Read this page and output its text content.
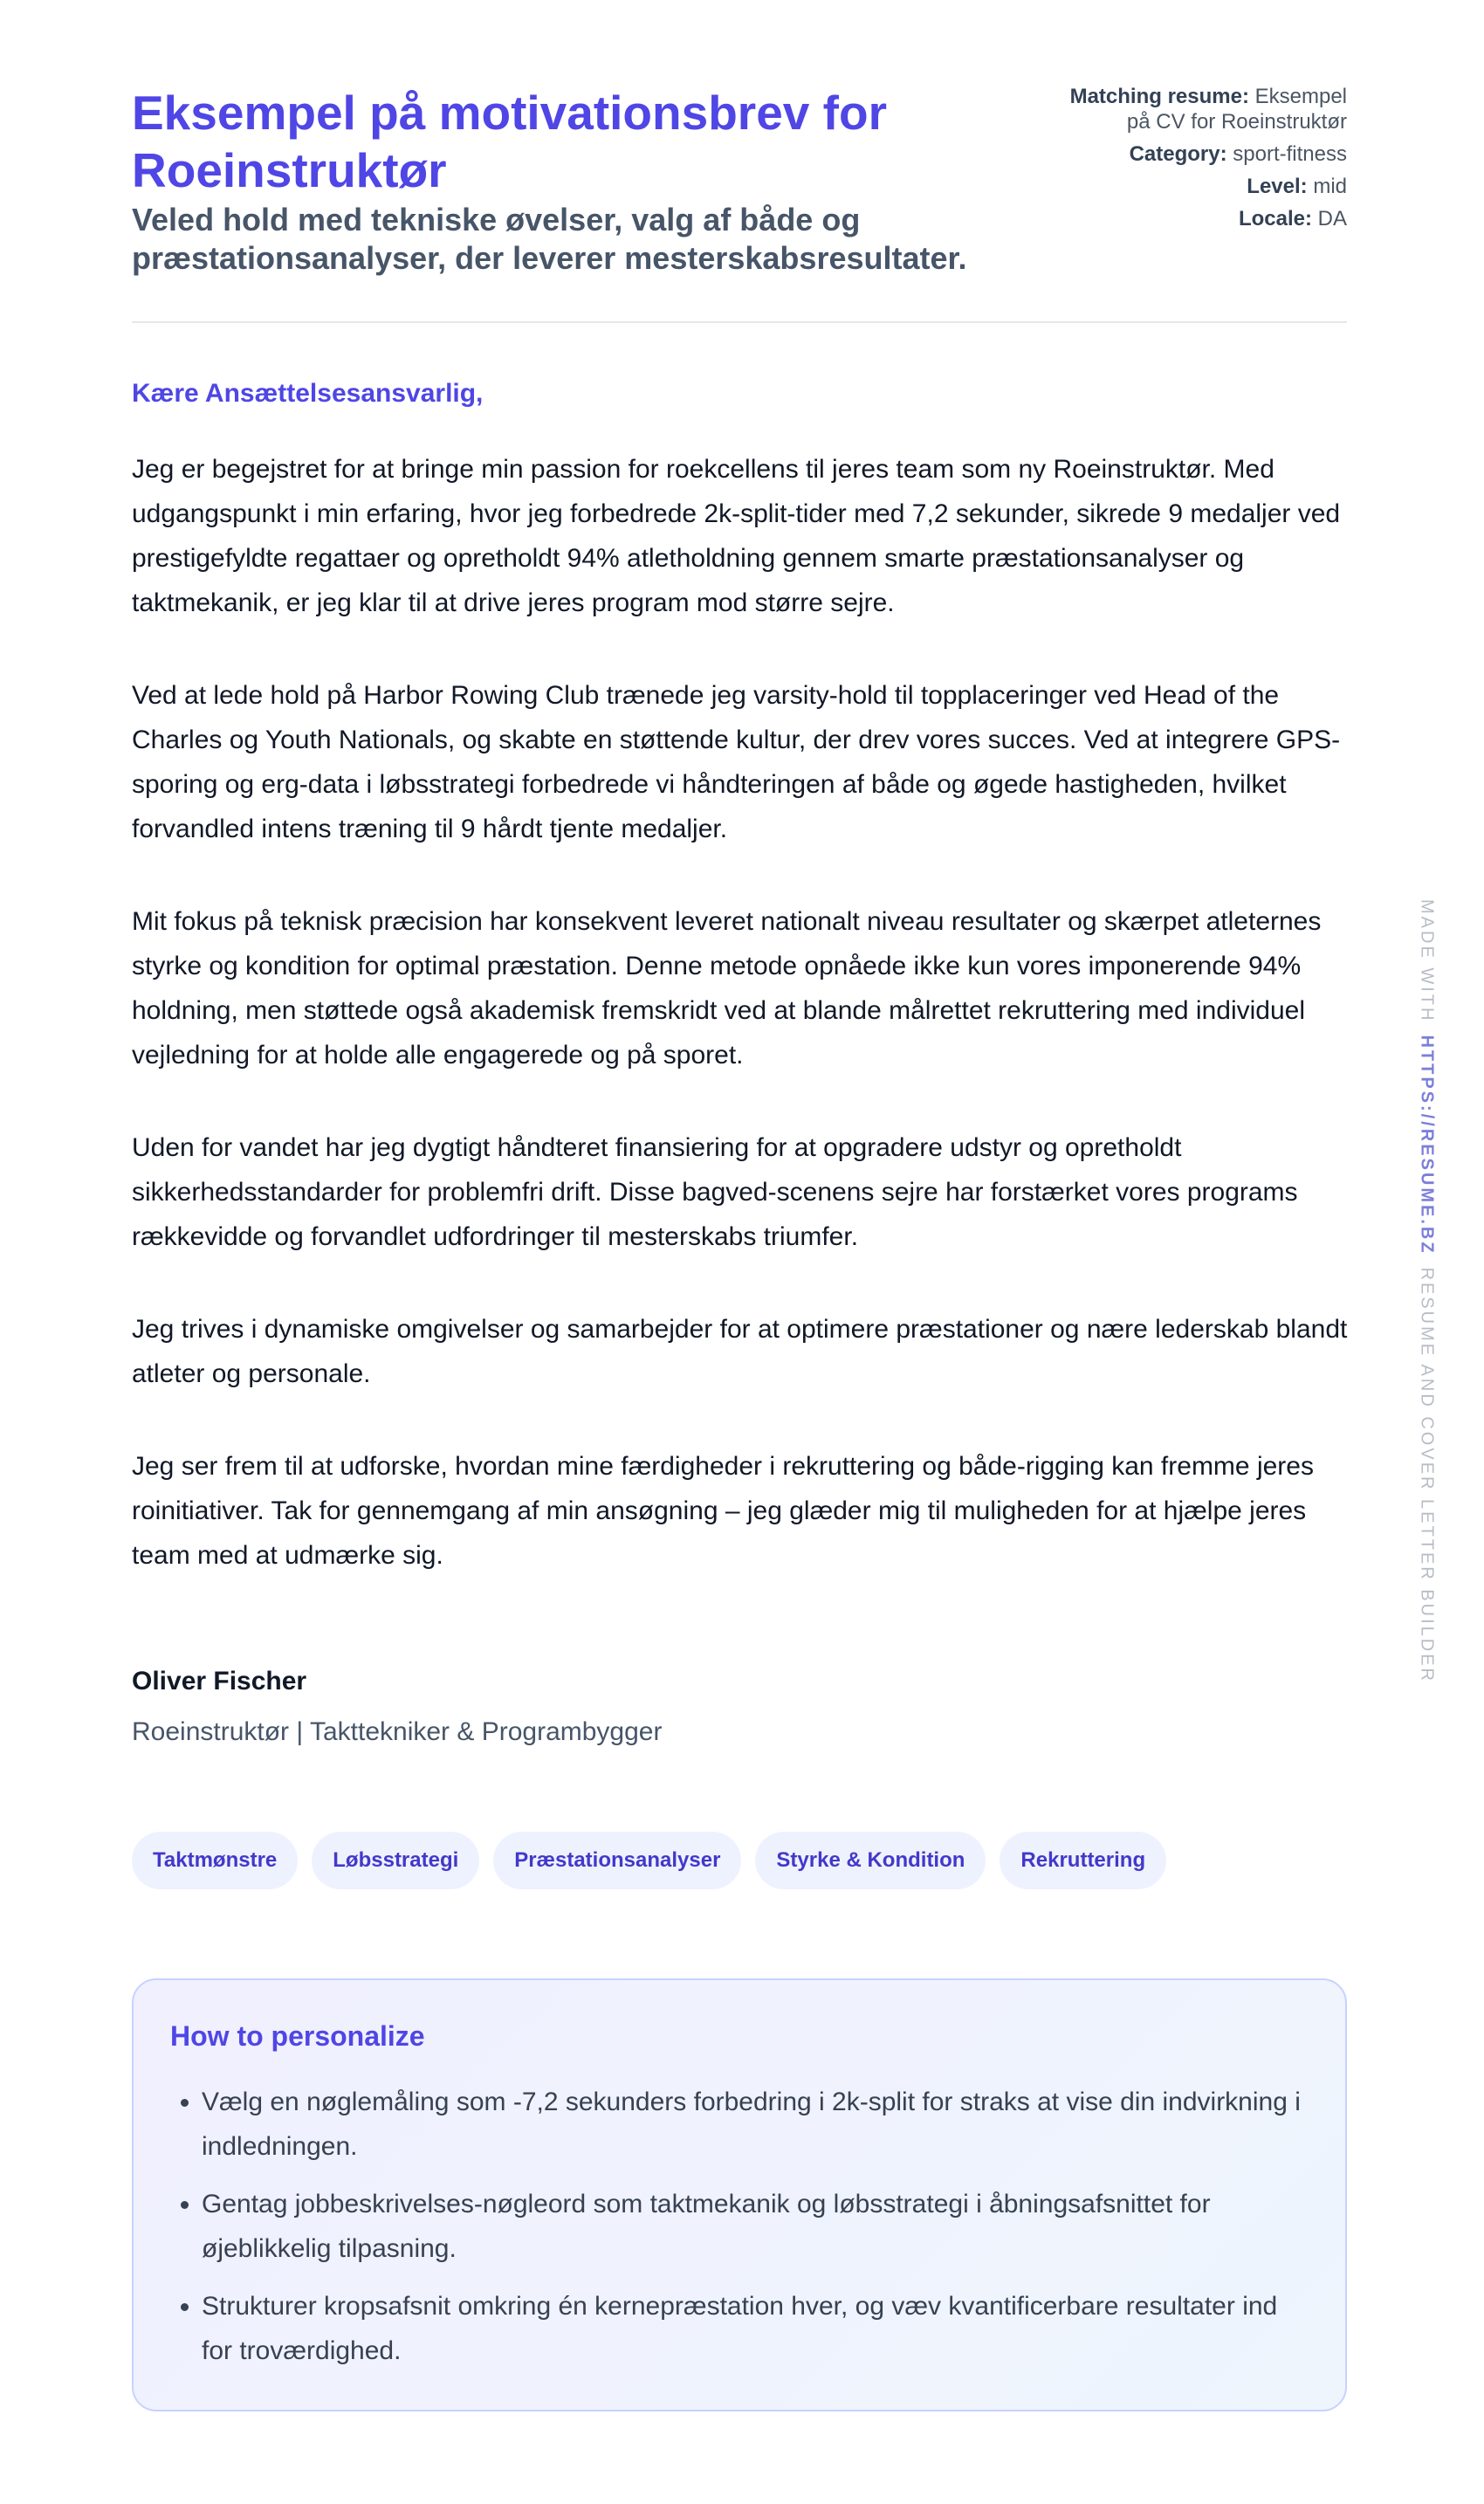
Eksempel på motivationsbrev for Roeinstruktør
Veled hold med tekniske øvelser, valg af både og præstationsanalyser, der leverer mesterskabsresultater.
Matching resume: Eksempel
på CV for Roeinstruktør
Category: sport-fitness
Level: mid
Locale: DA
Kære Ansættelsesansvarlig,

Jeg er begejstret for at bringe min passion for roekcellens til jeres team som ny Roeinstruktør. Med udgangspunkt i min erfaring, hvor jeg forbedrede 2k-split-tider med 7,2 sekunder, sikrede 9 medaljer ved prestigefyldte regattaer og opretholdt 94% atletholdning gennem smarte præstationsanalyser og taktmekanik, er jeg klar til at drive jeres program mod større sejre.

Ved at lede hold på Harbor Rowing Club trænede jeg varsity-hold til topplaceringer ved Head of the Charles og Youth Nationals, og skabte en støttende kultur, der drev vores succes. Ved at integrere GPS-sporing og erg-data i løbsstrategi forbedrede vi håndteringen af både og øgede hastigheden, hvilket forvandled intens træning til 9 hårdt tjente medaljer.

Mit fokus på teknisk præcision har konsekvent leveret nationalt niveau resultater og skærpet atleternes styrke og kondition for optimal præstation. Denne metode opnåede ikke kun vores imponerende 94% holdning, men støttede også akademisk fremskridt ved at blande målrettet rekruttering med individuel vejledning for at holde alle engagerede og på sporet.

Uden for vandet har jeg dygtigt håndteret finansiering for at opgradere udstyr og opretholdt sikkerhedsstandarder for problemfri drift. Disse bagved-scenens sejre har forstærket vores programs rækkevidde og forvandlet udfordringer til mesterskabs triumfer.

Jeg trives i dynamiske omgivelser og samarbejder for at optimere præstationer og nære lederskab blandt atleter og personale.

Jeg ser frem til at udforske, hvordan mine færdigheder i rekruttering og både-rigging kan fremme jeres roinitiativer. Tak for gennemgang af min ansøgning – jeg glæder mig til muligheden for at hjælpe jeres team med at udmærke sig.

Oliver Fischer
Roeinstruktør | Takttekniker & Programbygger
Taktmønstre	Løbsstrategi	Præstationsanalyser	Styrke & Kondition	Rekruttering
How to personalize
• Vælg en nøglemåling som -7,2 sekunders forbedring i 2k-split for straks at vise din indvirkning i indledningen.
• Gentag jobbeskrivelses-nøgleord som taktmekanik og løbsstrategi i åbningsafsnittet for øjeblikkelig tilpasning.
• Strukturer kropsafsnit omkring én kernepræstation hver, og væv kvantificerbare resultater ind for troværdighed.
MADE WITHHTTPS://RESUME.BZRESUME AND COVER LETTER BUILDER
